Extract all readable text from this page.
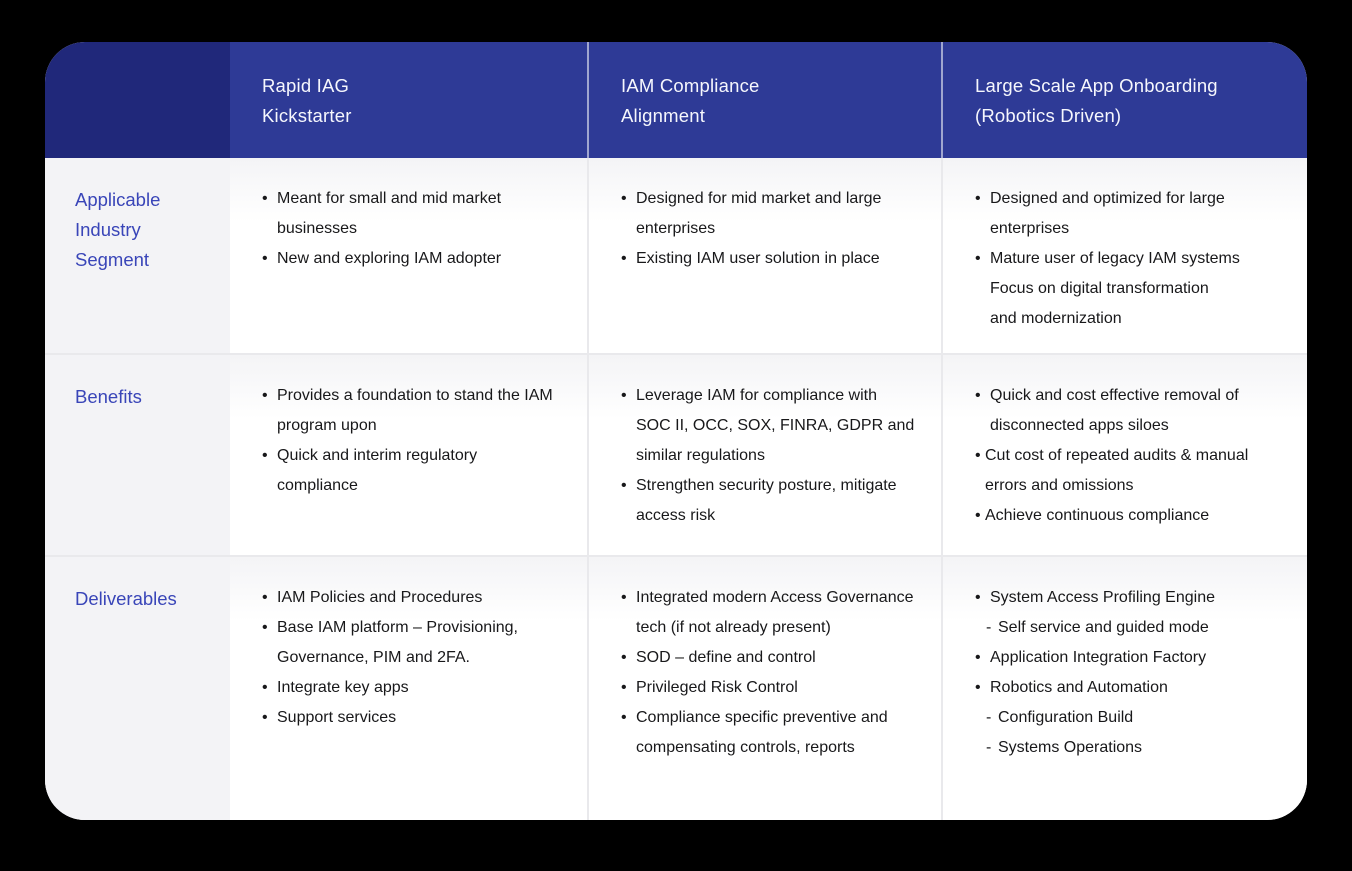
Rapid IAG
Kickstarter
IAM Compliance
Alignment
Large Scale App Onboarding
(Robotics Driven)
Applicable Industry Segment
• Meant for small and mid market businesses
• New and exploring IAM adopter
• Designed for mid market and large enterprises
• Existing IAM user solution in place
• Designed and optimized for large enterprises
• Mature user of legacy IAM systems
Focus on digital transformation
and modernization
Benefits	• Provides a foundation to stand the IAM program upon
• Quick and interim regulatory compliance
• Leverage IAM for compliance with SOC II, OCC, SOX, FINRA, GDPR and similar regulations
• Strengthen security posture, mitigate access risk
• Quick and cost effective removal of disconnected apps siloes
• Cut cost of repeated audits & manual errors and omissions
• Achieve continuous compliance
Deliverables	• IAM Policies and Procedures
• Base IAM platform – Provisioning, Governance, PIM and 2FA.
• Integrate key apps
• Support services
• Integrated modern Access Governance tech (if not already present)
• SOD – define and control
• Privileged Risk Control
• Compliance specific preventive and compensating controls, reports
• System Access Profiling Engine
- Self service and guided mode
• Application Integration Factory
• Robotics and Automation
- Configuration Build
- Systems Operations
